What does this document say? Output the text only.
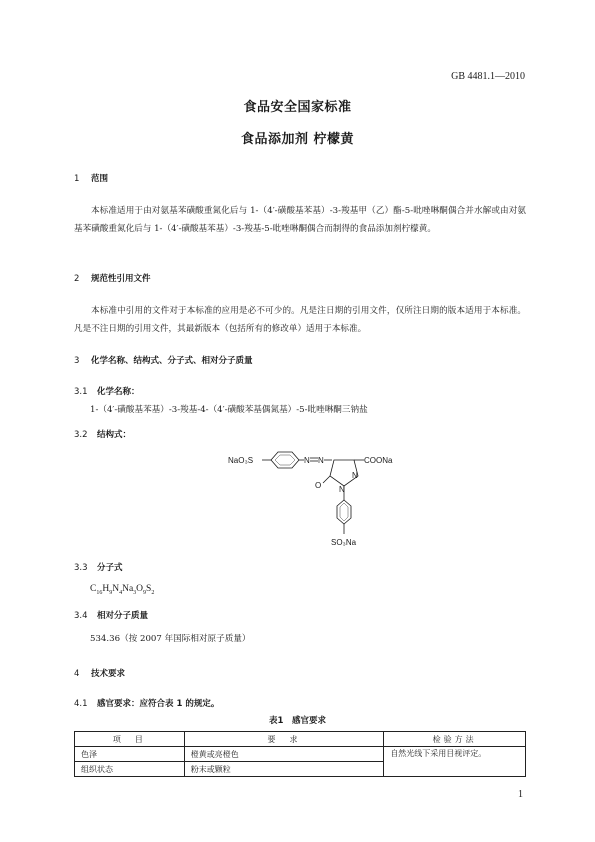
GB 4481.1—2010
食品安全国家标准
食品添加剂 柠檬黄
1 范围
本标准适用于由对氨基苯磺酸重氮化后与 1-（4′-磺酸基苯基）-3-羧基甲（乙）酯-5-吡唑啉酮偶合并水解或由对氨基苯磺酸重氮化后与 1-（4′-磺酸基苯基）-3-羧基-5-吡唑啉酮偶合而制得的食品添加剂柠檬黄。
2 规范性引用文件
本标准中引用的文件对于本标准的应用是必不可少的。凡是注日期的引用文件，仅所注日期的版本适用于本标准。凡是不注日期的引用文件，其最新版本（包括所有的修改单）适用于本标准。
3 化学名称、结构式、分子式、相对分子质量
3.1 化学名称：
1-（4′-磺酸基苯基）-3-羧基-4-（4′-磺酸苯基偶氮基）-5-吡唑啉酮三钠盐
3.2 结构式：
NaO₃S	N N	COONa
N
N
O
SO₃Na
3.3 分子式
$C_{16}H_9N_4Na_3O_9S_2$
3.4 相对分子质量
534.36（按 2007 年国际相对原子质量）
4 技术要求
4.1 感官要求：应符合表 1 的规定。
表1　感官要求
项　目	要　求	检验方法
色泽	橙黄或亮橙色	自然光线下采用目视评定。
组织状态	粉末或颗粒	
1
